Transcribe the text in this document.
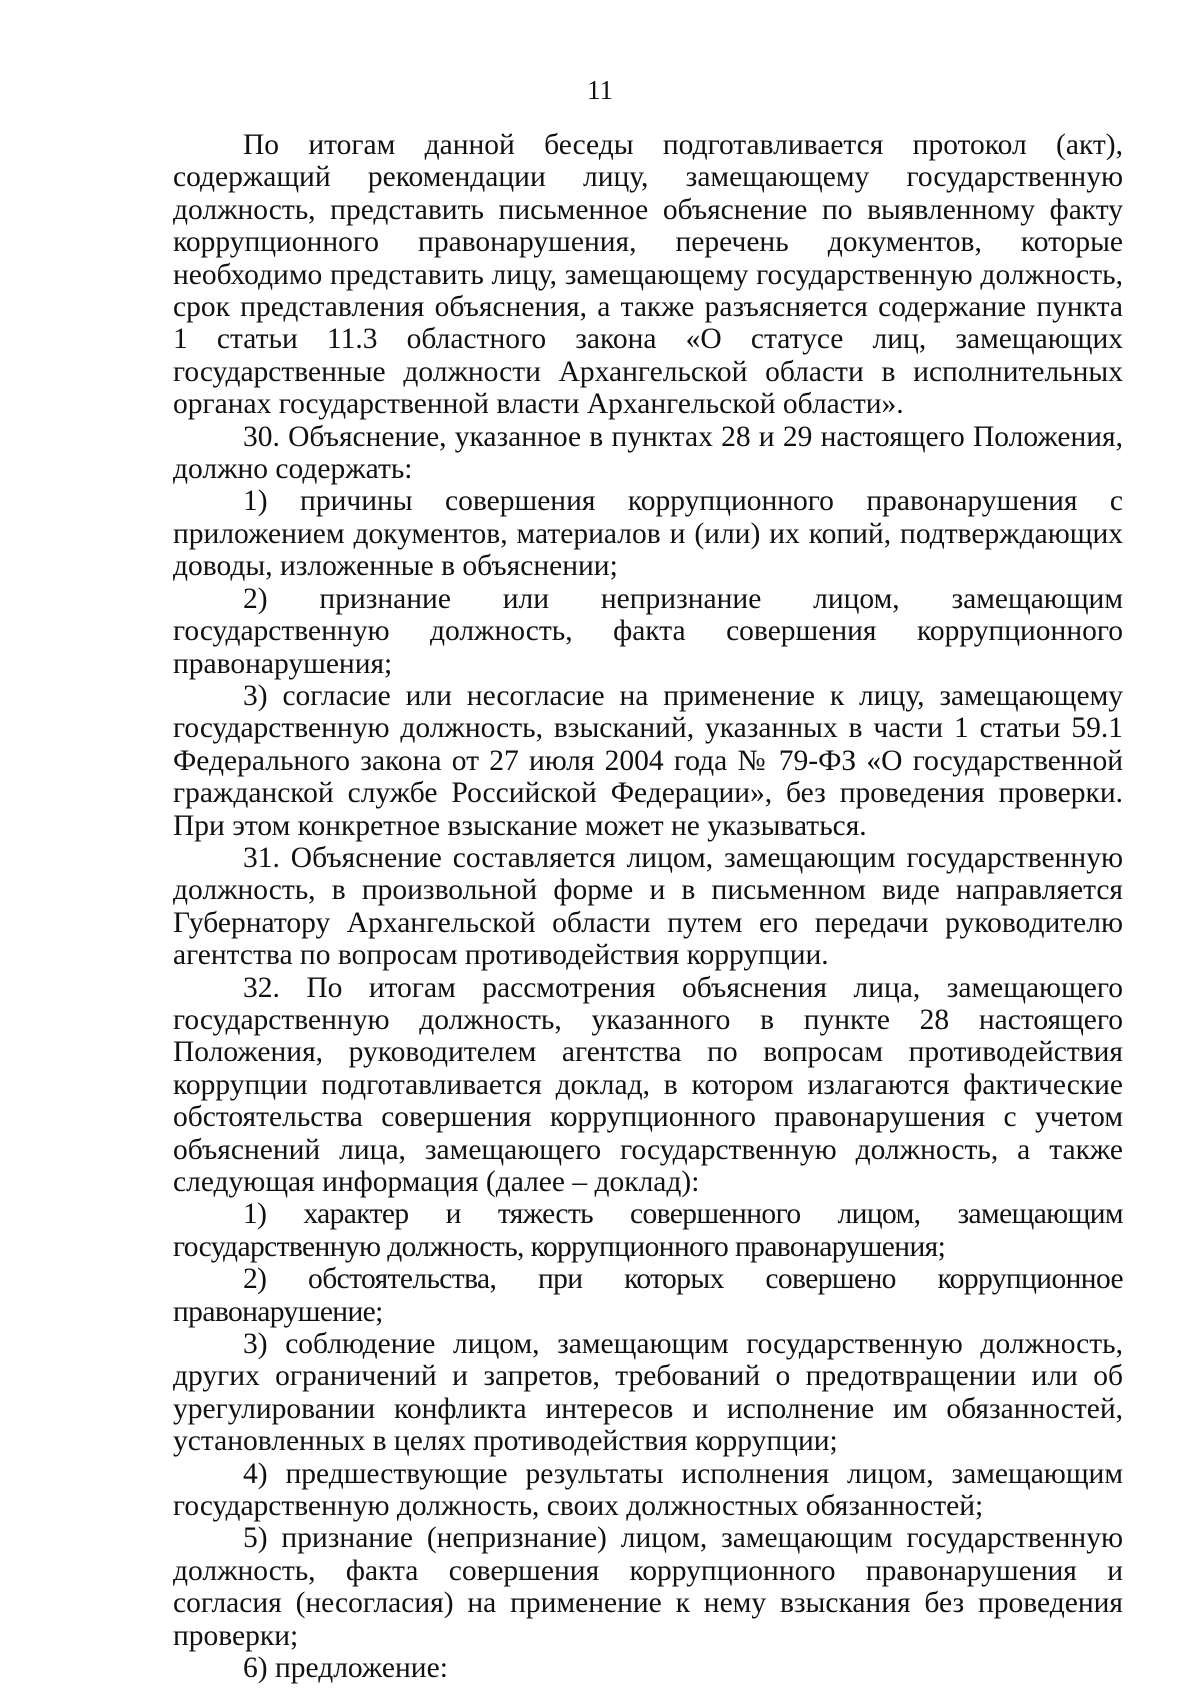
11

По итогам данной беседы подготавливается протокол (акт), содержащий рекомендации лицу, замещающему государственную должность, представить письменное объяснение по выявленному факту коррупционного правонарушения, перечень документов, которые необходимо представить лицу, замещающему государственную должность, срок представления объяснения, а также разъясняется содержание пункта 1 статьи 11.3 областного закона «О статусе лиц, замещающих государственные должности Архангельской области в исполнительных органах государственной власти Архангельской области».

30. Объяснение, указанное в пунктах 28 и 29 настоящего Положения, должно содержать:

1) причины совершения коррупционного правонарушения с приложением документов, материалов и (или) их копий, подтверждающих доводы, изложенные в объяснении;

2) признание или непризнание лицом, замещающим государственную должность, факта совершения коррупционного правонарушения;

3) согласие или несогласие на применение к лицу, замещающему государственную должность, взысканий, указанных в части 1 статьи 59.1 Федерального закона от 27 июля 2004 года № 79-ФЗ «О государственной гражданской службе Российской Федерации», без проведения проверки. При этом конкретное взыскание может не указываться.

31. Объяснение составляется лицом, замещающим государственную должность, в произвольной форме и в письменном виде направляется Губернатору Архангельской области путем его передачи руководителю агентства по вопросам противодействия коррупции.

32. По итогам рассмотрения объяснения лица, замещающего государственную должность, указанного в пункте 28 настоящего Положения, руководителем агентства по вопросам противодействия коррупции подготавливается доклад, в котором излагаются фактические обстоятельства совершения коррупционного правонарушения с учетом объяснений лица, замещающего государственную должность, а также следующая информация (далее – доклад):

1) характер и тяжесть совершенного лицом, замещающим государственную должность, коррупционного правонарушения;

2) обстоятельства, при которых совершено коррупционное правонарушение;

3) соблюдение лицом, замещающим государственную должность, других ограничений и запретов, требований о предотвращении или об урегулировании конфликта интересов и исполнение им обязанностей, установленных в целях противодействия коррупции;

4) предшествующие результаты исполнения лицом, замещающим государственную должность, своих должностных обязанностей;

5) признание (непризнание) лицом, замещающим государственную должность, факта совершения коррупционного правонарушения и согласия (несогласия) на применение к нему взыскания без проведения проверки;

6) предложение:
